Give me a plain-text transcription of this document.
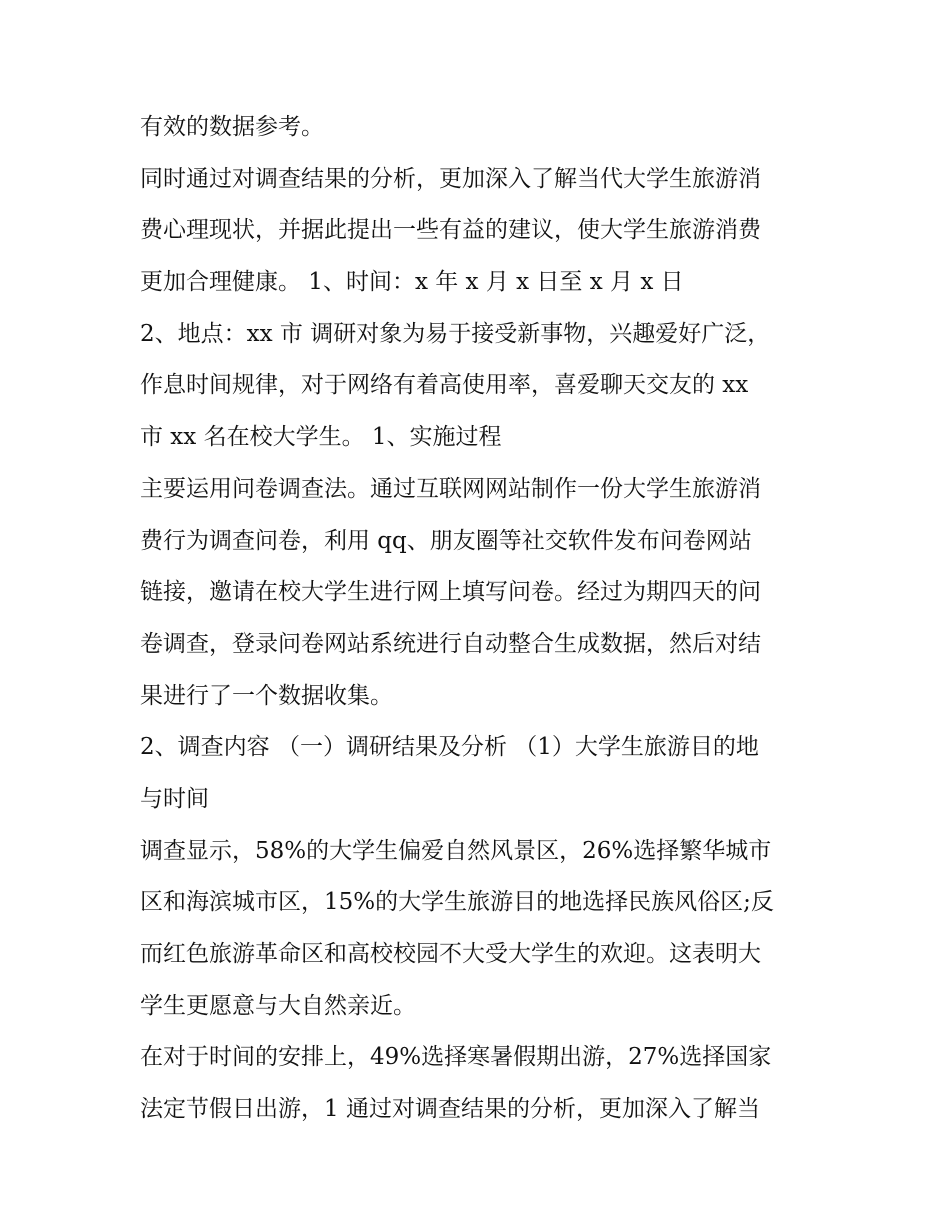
有效的数据参考。
同时通过对调查结果的分析，更加深入了解当代大学生旅游消
费心理现状，并据此提出一些有益的建议，使大学生旅游消费
更加合理健康。 1、时间：x 年 x 月 x 日至 x 月 x 日
2、地点：xx 市 调研对象为易于接受新事物，兴趣爱好广泛，
作息时间规律，对于网络有着高使用率，喜爱聊天交友的 xx
市 xx 名在校大学生。 1、实施过程
主要运用问卷调查法。通过互联网网站制作一份大学生旅游消
费行为调查问卷，利用 qq、朋友圈等社交软件发布问卷网站
链接，邀请在校大学生进行网上填写问卷。经过为期四天的问
卷调查，登录问卷网站系统进行自动整合生成数据，然后对结
果进行了一个数据收集。
2、调查内容 （一）调研结果及分析 （1）大学生旅游目的地
与时间
调查显示，58%的大学生偏爱自然风景区，26%选择繁华城市
区和海滨城市区，15%的大学生旅游目的地选择民族风俗区;反
而红色旅游革命区和高校校园不大受大学生的欢迎。这表明大
学生更愿意与大自然亲近。
在对于时间的安排上，49%选择寒暑假期出游，27%选择国家
法定节假日出游，1 通过对调查结果的分析，更加深入了解当
